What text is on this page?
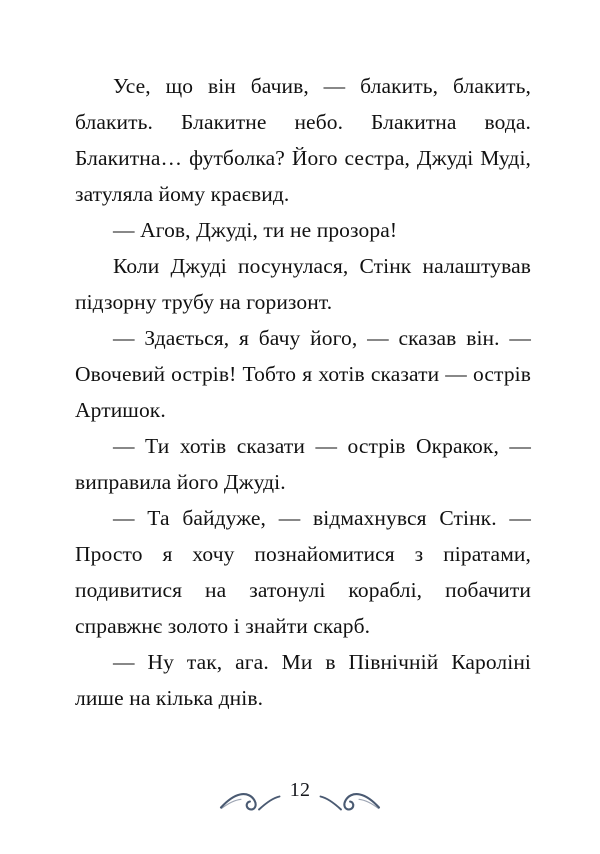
Усе, що він бачив, — блакить, блакить, блакить. Блакитне небо. Блакитна вода. Блакитна… футболка? Його сестра, Джуді Муді, затуляла йому краєвид.

— Агов, Джуді, ти не прозора!

Коли Джуді посунулася, Стінк налаштував підзорну трубу на горизонт.

— Здається, я бачу його, — сказав він. — Овочевий острів! Тобто я хотів сказати — острів Артишок.

— Ти хотів сказати — острів Окракок, — виправила його Джуді.

— Та байдуже, — відмахнувся Стінк. — Просто я хочу познайомитися з піратами, подивитися на затонулі кораблі, побачити справжнє золото і знайти скарб.

— Ну так, ага. Ми в Північній Кароліні лише на кілька днів.

12
